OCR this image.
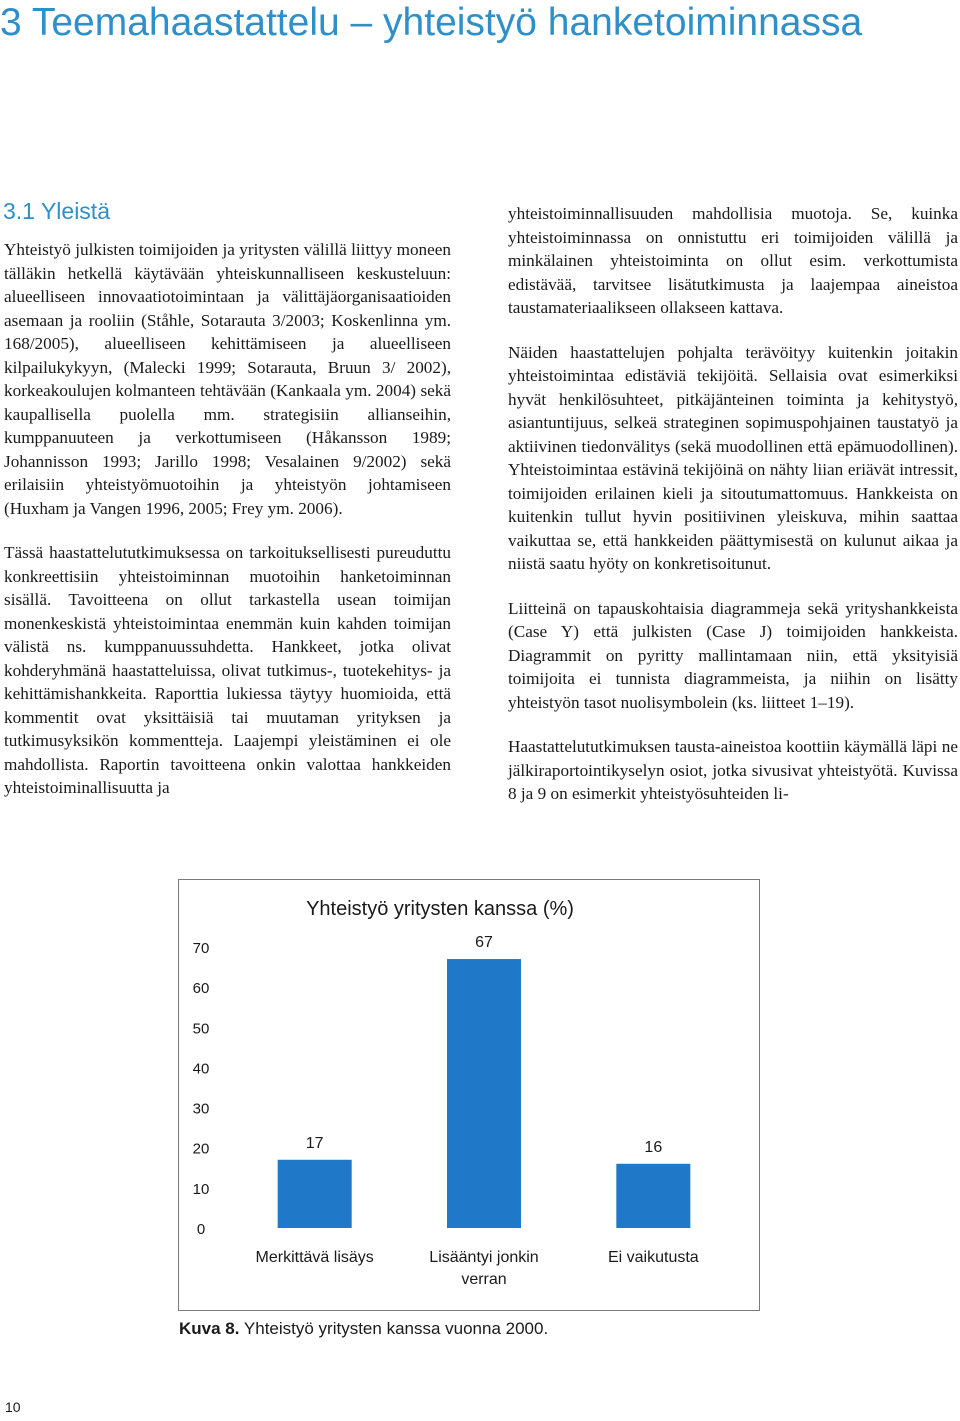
3 Teemahaastattelu – yhteistyö hanketoiminnassa
3.1 Yleistä

Yhteistyö julkisten toimijoiden ja yritysten välillä liittyy moneen tälläkin hetkellä käytävään yhteiskunnalliseen keskusteluun: alueelliseen innovaatiotoimintaan ja välittäjäorganisaatioiden asemaan ja rooliin (Ståhle, Sotarauta 3/2003; Koskenlinna ym. 168/2005), alueelliseen kehittämiseen ja alueelliseen kilpailukykyyn, (Malecki 1999; Sotarauta, Bruun 3/ 2002), korkeakoulujen kolmanteen tehtävään (Kankaala ym. 2004) sekä kaupallisella puolella mm. strategisiin allianseihin, kumppanuuteen ja verkottumiseen (Håkansson 1989; Johannisson 1993; Jarillo 1998; Vesalainen 9/2002) sekä erilaisiin yhteistyömuotoihin ja yhteistyön johtamiseen (Huxham ja Vangen 1996, 2005; Frey ym. 2006).

Tässä haastattelututkimuksessa on tarkoituksellisesti pureuduttu konkreettisiin yhteistoiminnan muotoihin hanketoiminnan sisällä. Tavoitteena on ollut tarkastella usean toimijan monenkeskistä yhteistoimintaa enemmän kuin kahden toimijan välistä ns. kumppanuussuhdetta. Hankkeet, jotka olivat kohderyhmänä haastatteluissa, olivat tutkimus-, tuotekehitys- ja kehittämishankkeita. Raporttia lukiessa täytyy huomioida, että kommentit ovat yksittäisiä tai muutaman yrityksen ja tutkimusyksikön kommentteja. Laajempi yleistäminen ei ole mahdollista. Raportin tavoitteena onkin valottaa hankkeiden yhteistoiminallisuutta ja

yhteistoiminnallisuuden mahdollisia muotoja. Se, kuinka yhteistoiminnassa on onnistuttu eri toimijoiden välillä ja minkälainen yhteistoiminta on ollut esim. verkottumista edistävää, tarvitsee lisätutkimusta ja laajempaa aineistoa taustamateriaalikseen ollakseen kattava.

Näiden haastattelujen pohjalta terävöityy kuitenkin joitakin yhteistoimintaa edistäviä tekijöitä. Sellaisia ovat esimerkiksi hyvät henkilösuhteet, pitkäjänteinen toiminta ja kehitystyö, asiantuntijuus, selkeä strateginen sopimuspohjainen taustatyö ja aktiivinen tiedonvälitys (sekä muodollinen että epämuodollinen). Yhteistoimintaa estävinä tekijöinä on nähty liian eriävät intressit, toimijoiden erilainen kieli ja sitoutumattomuus. Hankkeista on kuitenkin tullut hyvin positiivinen yleiskuva, mihin saattaa vaikuttaa se, että hankkeiden päättymisestä on kulunut aikaa ja niistä saatu hyöty on konkretisoitunut.

Liitteinä on tapauskohtaisia diagrammeja sekä yrityshankkeista (Case Y) että julkisten (Case J) toimijoiden hankkeista. Diagrammit on pyritty mallintamaan niin, että yksityisiä toimijoita ei tunnista diagrammeista, ja niihin on lisätty yhteistyön tasot nuolisymbolein (ks. liitteet 1–19).

Haastattelututkimuksen tausta-aineistoa koottiin käymällä läpi ne jälkiraportointikyselyn osiot, jotka sivusivat yhteistyötä. Kuvissa 8 ja 9 on esimerkit yhteistyösuhteiden li-

Yhteistyö yritysten kanssa (%)
0
10
20
30
40
50
60
70
17
Merkittävä lisäys
67
Lisääntyi jonkin
verran
16
Ei vaikutusta

Kuva 8. Yhteistyö yritysten kanssa vuonna 2000.

10
